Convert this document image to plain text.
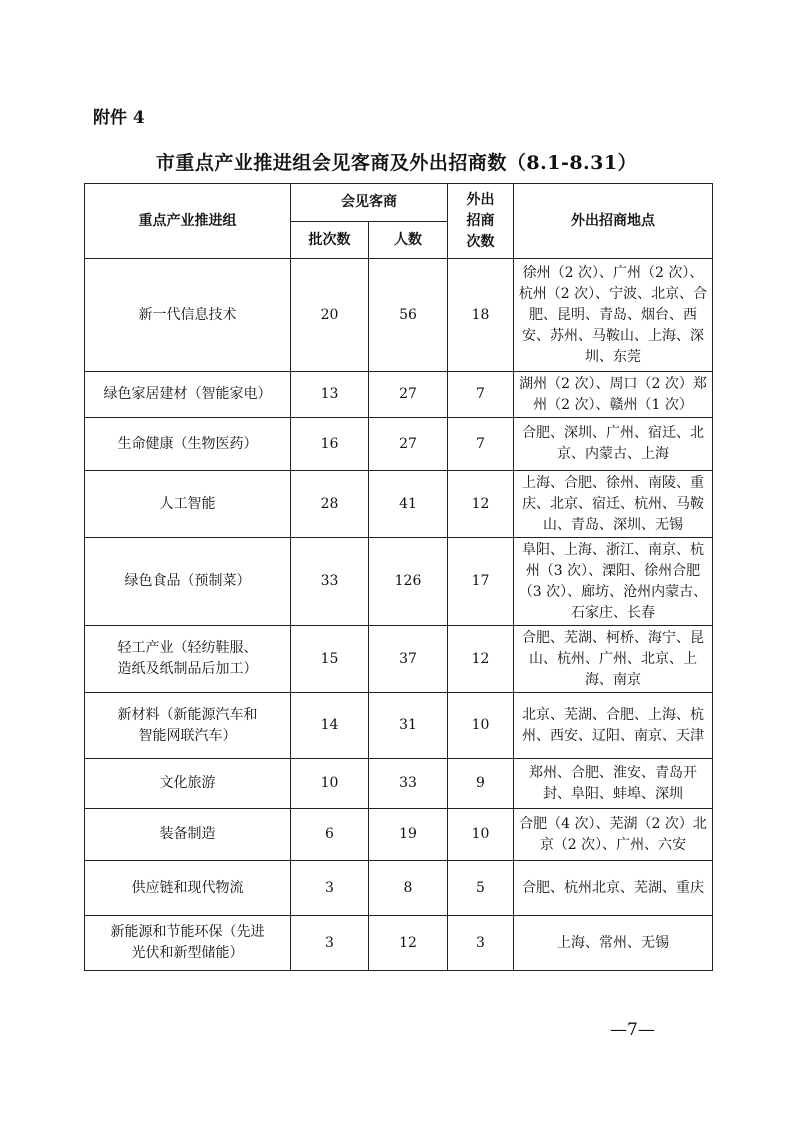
附件 4
市重点产业推进组会见客商及外出招商数（8.1-8.31）
重点产业推进组	会见客商		外出招商次数	外出招商地点
	批次数	人数		
新一代信息技术	20	56	18	徐州（2 次）、广州（2 次）、杭州（2 次）、宁波、北京、合肥、昆明、青岛、烟台、西安、苏州、马鞍山、上海、深圳、东莞
绿色家居建材（智能家电）	13	27	7	湖州（2 次）、周口（2 次）郑州（2 次）、赣州（1 次）
生命健康（生物医药）	16	27	7	合肥、深圳、广州、宿迁、北京、内蒙古、上海
人工智能	28	41	12	上海、合肥、徐州、南陵、重庆、北京、宿迁、杭州、马鞍山、青岛、深圳、无锡
绿色食品（预制菜）	33	126	17	阜阳、上海、浙江、南京、杭州（3 次）、溧阳、徐州合肥（3 次）、廊坊、沧州内蒙古、石家庄、长春
轻工产业（轻纺鞋服、造纸及纸制品后加工）	15	37	12	合肥、芜湖、柯桥、海宁、昆山、杭州、广州、北京、上海、南京
新材料（新能源汽车和智能网联汽车）	14	31	10	北京、芜湖、合肥、上海、杭州、西安、辽阳、南京、天津
文化旅游	10	33	9	郑州、合肥、淮安、青岛开封、阜阳、蚌埠、深圳
装备制造	6	19	10	合肥（4 次）、芜湖（2 次）北京（2 次）、广州、六安
供应链和现代物流	3	8	5	合肥、杭州北京、芜湖、重庆
新能源和节能环保（先进光伏和新型储能）	3	12	3	上海、常州、无锡
—7—
